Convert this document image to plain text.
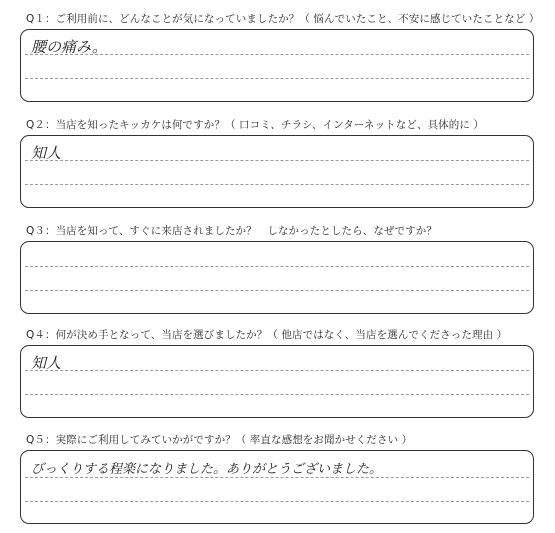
Q１：ご利用前に、どんなことが気になっていましたか？（ 悩んでいたこと、不安に感じていたことなど ）
腰の痛み。
Q２：当店を知ったキッカケは何ですか？（ 口コミ、チラシ、インターネットなど、具体的に ）
知人
Q３：当店を知って、すぐに来店されましたか？　しなかったとしたら、なぜですか？
Q４：何が決め手となって、当店を選びましたか？（ 他店ではなく、当店を選んでくださった理由 ）
知人
Q５：実際にご利用してみていかがですか？（ 率直な感想をお聞かせください ）
びっくりする程楽になりました。ありがとうございました。
